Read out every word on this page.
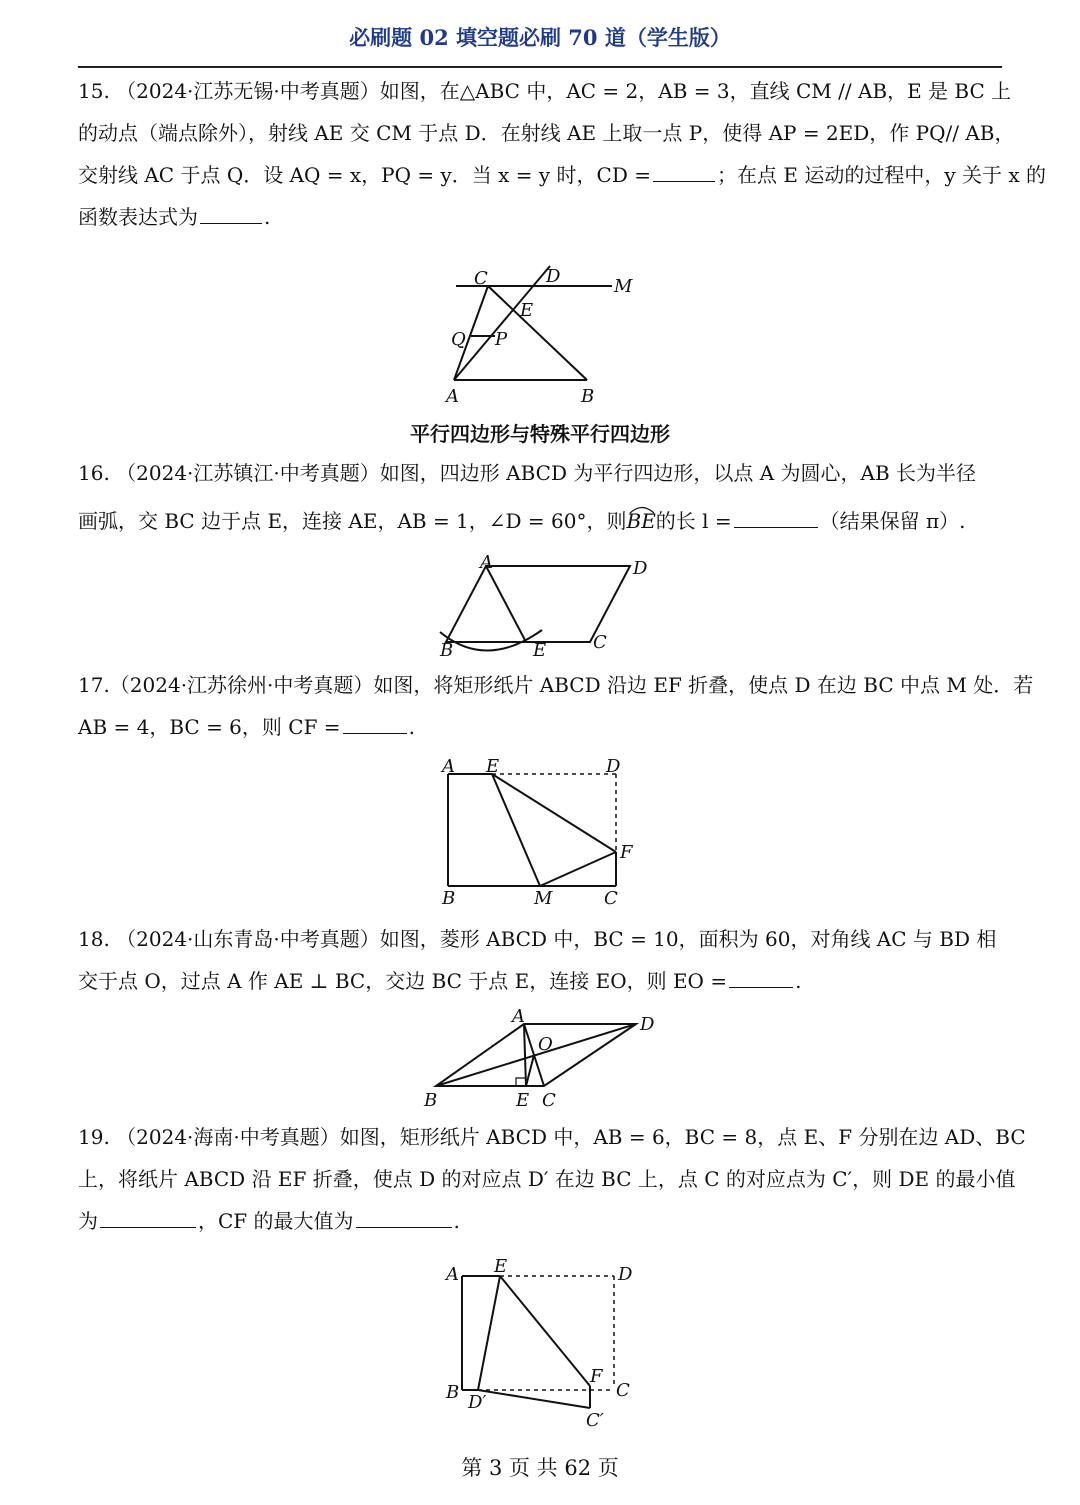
必刷题 02 填空题必刷 70 道（学生版）
15. （2024·江苏无锡·中考真题）如图，在△ABC 中，AC = 2，AB = 3，直线 CM // AB，E 是 BC 上
的动点（端点除外），射线 AE 交 CM 于点 D．在射线 AE 上取一点 P，使得 AP = 2ED，作 PQ// AB，
交射线 AC 于点 Q．设 AQ = x，PQ = y．当 x = y 时，CD =	；在点 E 运动的过程中，y 关于 x 的
函数表达式为	.
C	D	M
E
Q P
A	B
平行四边形与特殊平行四边形
16. （2024·江苏镇江·中考真题）如图，四边形 ABCD 为平行四边形，以点 A 为圆心，AB 长为半径
画弧，交 BC 边于点 E，连接 AE，AB = 1，∠D = 60°，则
BE的长 l =	（结果保留 π）.
A	D
B	E	C
17.（2024·江苏徐州·中考真题）如图，将矩形纸片 ABCD 沿边 EF 折叠，使点 D 在边 BC 中点 M 处．若
AB = 4，BC = 6，则 CF =	.
A E	D
F
B	M	C
18. （2024·山东青岛·中考真题）如图，菱形 ABCD 中，BC = 10，面积为 60，对角线 AC 与 BD 相
交于点 O，过点 A 作 AE ⊥ BC，交边 BC 于点 E，连接 EO，则 EO =	.
A	D
O
B	E C
19. （2024·海南·中考真题）如图，矩形纸片 ABCD 中，AB = 6，BC = 8，点 E、F 分别在边 AD、BC
上，将纸片 ABCD 沿 EF 折叠，使点 D 的对应点 D′ 在边 BC 上，点 C 的对应点为 C′，则 DE 的最小值
为	，CF 的最大值为	.
A E	D
B D′
F
C
C′
第 3 页 共 62 页
